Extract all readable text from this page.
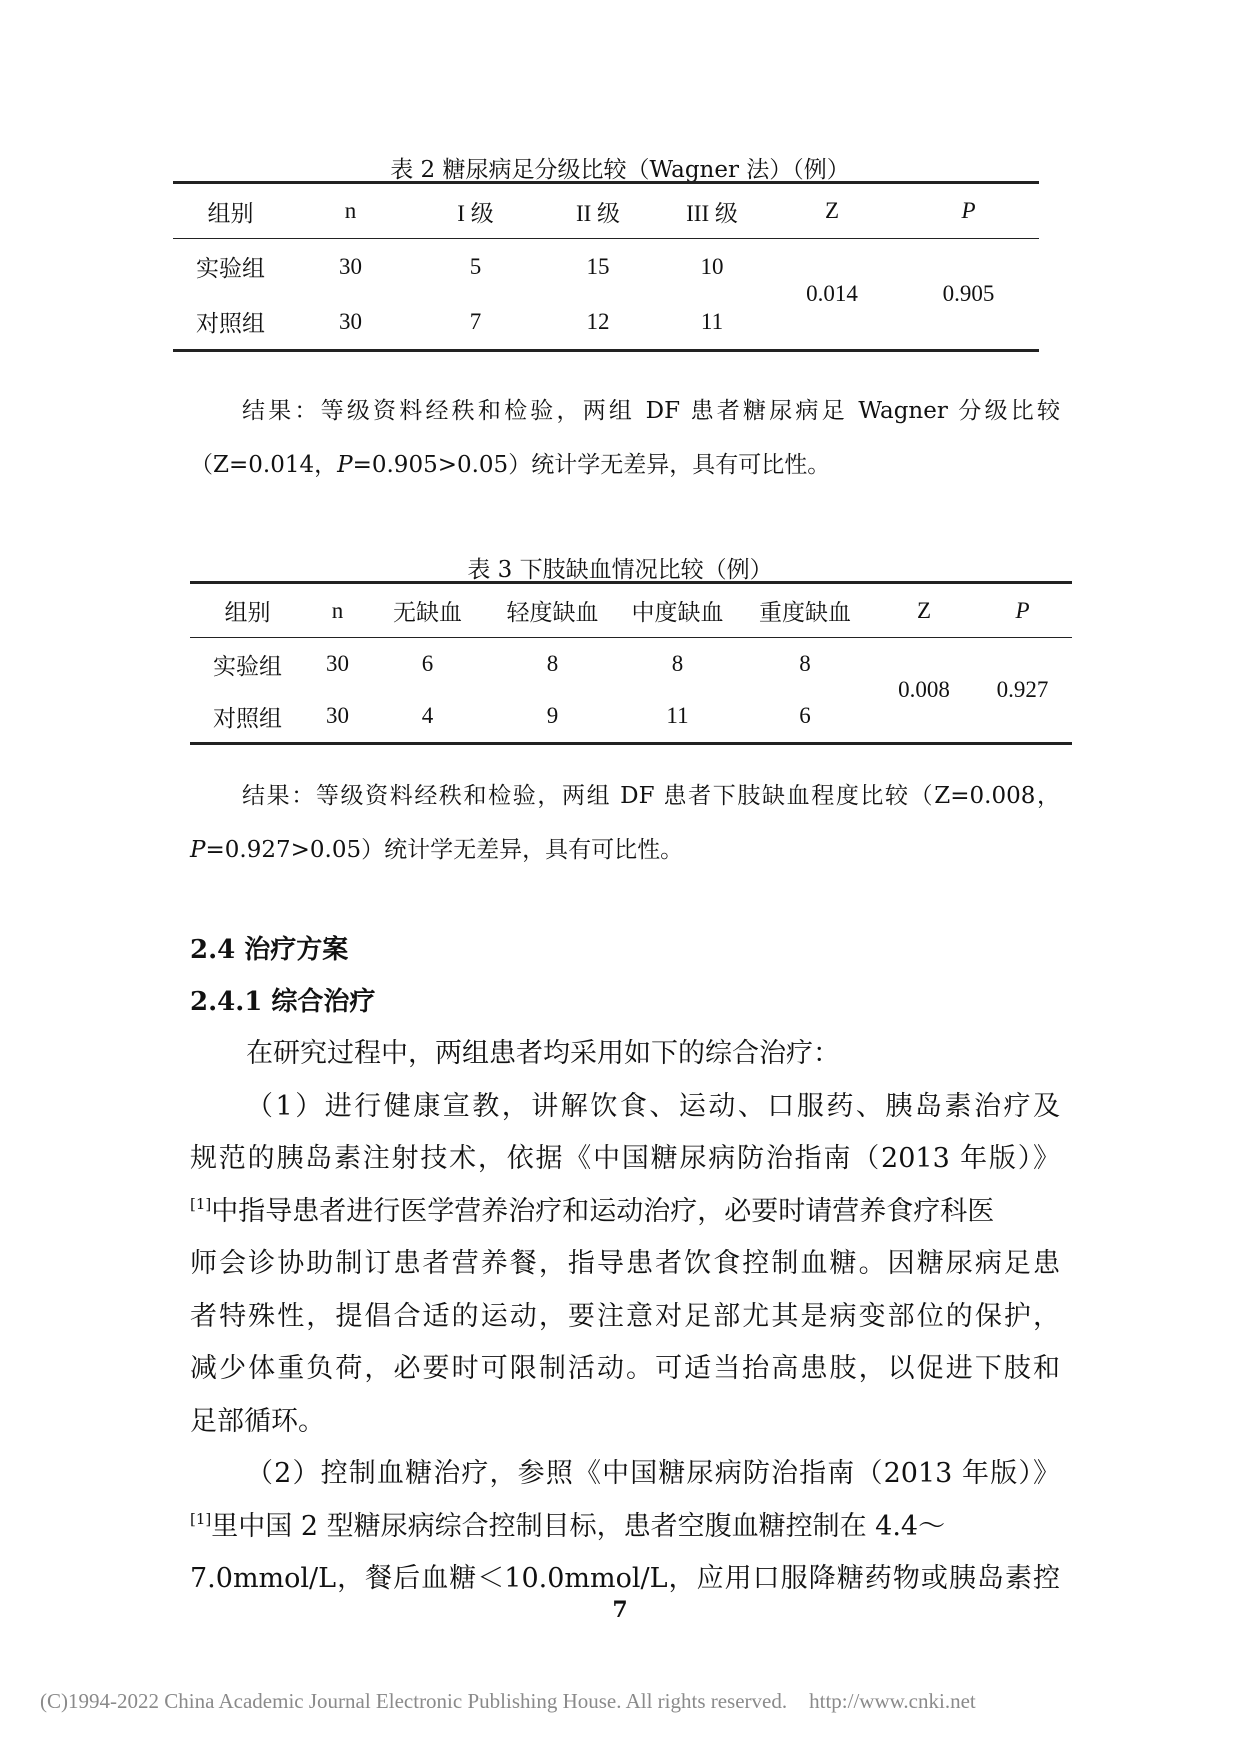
表 2 糖尿病足分级比较（Wagner 法）（例）
组别	n	I 级	II 级	III 级	Z	P
实验组	30	5	15	10	0.014	0.905
对照组	30	7	12	11		
结果：等级资料经秩和检验，两组 DF 患者糖尿病足 Wagner 分级比较
（Z=0.014，P=0.905>0.05）统计学无差异，具有可比性。
表 3 下肢缺血情况比较（例）
组别	n	无缺血	轻度缺血	中度缺血	重度缺血	Z	P
实验组	30	6	8	8	8	0.008	0.927
对照组	30	4	9	11	6		
结果：等级资料经秩和检验，两组 DF 患者下肢缺血程度比较（Z=0.008，
P=0.927>0.05）统计学无差异，具有可比性。
2.4 治疗方案
2.4.1 综合治疗
在研究过程中，两组患者均采用如下的综合治疗：
（1）进行健康宣教，讲解饮食、运动、口服药、胰岛素治疗及
规范的胰岛素注射技术，依据《中国糖尿病防治指南（2013 年版）》
[1]中指导患者进行医学营养治疗和运动治疗，必要时请营养食疗科医
师会诊协助制订患者营养餐，指导患者饮食控制血糖。因糖尿病足患
者特殊性，提倡合适的运动，要注意对足部尤其是病变部位的保护，
减少体重负荷，必要时可限制活动。可适当抬高患肢，以促进下肢和
足部循环。
（2）控制血糖治疗，参照《中国糖尿病防治指南（2013 年版）》
[1]里中国 2 型糖尿病综合控制目标，患者空腹血糖控制在 4.4～
7.0mmol/L，餐后血糖＜10.0mmol/L，应用口服降糖药物或胰岛素控
7
(C)1994-2022 China Academic Journal Electronic Publishing House. All rights reserved. http://www.cnki.net
